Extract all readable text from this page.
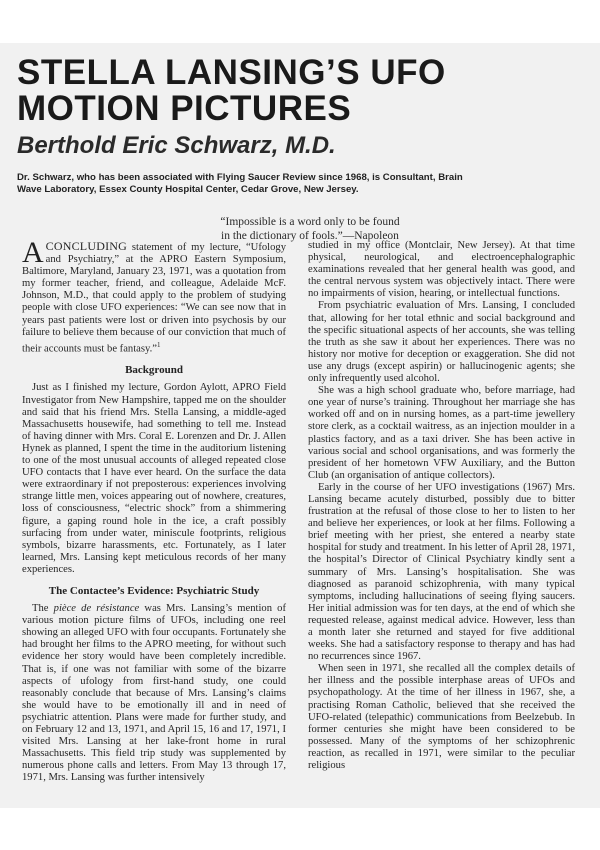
STELLA LANSING’S UFO MOTION PICTURES
Berthold Eric Schwarz, M.D.

Dr. Schwarz, who has been associated with Flying Saucer Review since 1968, is Consultant, Brain Wave Laboratory, Essex County Hospital Center, Cedar Grove, New Jersey.

“Impossible is a word only to be found
in the dictionary of fools.”—Napoleon

ACONCLUDING statement of my lecture, “Ufology and Psychiatry,” at the APRO Eastern Symposium, Baltimore, Maryland, January 23, 1971, was a quotation from my former teacher, friend, and colleague, Adelaide McF. Johnson, M.D., that could apply to the problem of studying people with close UFO experiences: “We can see now that in years past patients were lost or driven into psychosis by our failure to believe them because of our conviction that much of their accounts must be fantasy.”$^1$

Background

Just as I finished my lecture, Gordon Aylott, APRO Field Investigator from New Hampshire, tapped me on the shoulder and said that his friend Mrs. Stella Lansing, a middle-aged Massachusetts housewife, had something to tell me. Instead of having dinner with Mrs. Coral E. Lorenzen and Dr. J. Allen Hynek as planned, I spent the time in the auditorium listening to one of the most unusual accounts of alleged repeated close UFO contacts that I have ever heard. On the surface the data were extraordinary if not preposterous: experiences involving strange little men, voices appearing out of nowhere, creatures, loss of consciousness, “electric shock” from a shimmering figure, a gaping round hole in the ice, a craft possibly surfacing from under water, miniscule footprints, religious symbols, bizarre harassments, etc. Fortunately, as I later learned, Mrs. Lansing kept meticulous records of her many experiences.

The Contactee’s Evidence: Psychiatric Study

The pièce de résistance was Mrs. Lansing’s mention of various motion picture films of UFOs, including one reel showing an alleged UFO with four occupants. Fortunately she had brought her films to the APRO meeting, for without such evidence her story would have been completely incredible. That is, if one was not familiar with some of the bizarre aspects of ufology from first-hand study, one could reasonably conclude that because of Mrs. Lansing’s claims she would have to be emotionally ill and in need of psychiatric attention. Plans were made for further study, and on February 12 and 13, 1971, and April 15, 16 and 17, 1971, I visited Mrs. Lansing at her lake-front home in rural Massachusetts. This field trip study was supplemented by numerous phone calls and letters. From May 13 through 17, 1971, Mrs. Lansing was further intensively

studied in my office (Montclair, New Jersey). At that time physical, neurological, and electroencephalographic examinations revealed that her general health was good, and the central nervous system was objectively intact. There were no impairments of vision, hearing, or intellectual functions.

From psychiatric evaluation of Mrs. Lansing, I concluded that, allowing for her total ethnic and social background and the specific situational aspects of her accounts, she was telling the truth as she saw it about her experiences. There was no history nor motive for deception or exaggeration. She did not use any drugs (except aspirin) or hallucinogenic agents; she only infrequently used alcohol.

She was a high school graduate who, before marriage, had one year of nurse’s training. Throughout her marriage she has worked off and on in nursing homes, as a part-time jewellery store clerk, as a cocktail waitress, as an injection moulder in a plastics factory, and as a taxi driver. She has been active in various social and school organisations, and was formerly the president of her hometown VFW Auxiliary, and the Button Club (an organisation of antique collectors).

Early in the course of her UFO investigations (1967) Mrs. Lansing became acutely disturbed, possibly due to bitter frustration at the refusal of those close to her to listen to her and believe her experiences, or look at her films. Following a brief meeting with her priest, she entered a nearby state hospital for study and treatment. In his letter of April 28, 1971, the hospital’s Director of Clinical Psychiatry kindly sent a summary of Mrs. Lansing’s hospitalisation. She was diagnosed as paranoid schizophrenia, with many typical symptoms, including hallucinations of seeing flying saucers. Her initial admission was for ten days, at the end of which she requested release, against medical advice. However, less than a month later she returned and stayed for five additional weeks. She had a satisfactory response to therapy and has had no recurrences since 1967.

When seen in 1971, she recalled all the complex details of her illness and the possible interphase areas of UFOs and psychopathology. At the time of her illness in 1967, she, a practising Roman Catholic, believed that she received the UFO-related (telepathic) communications from Beelzebub. In former centuries she might have been considered to be possessed. Many of the symptoms of her schizophrenic reaction, as recalled in 1971, were similar to the peculiar religious
